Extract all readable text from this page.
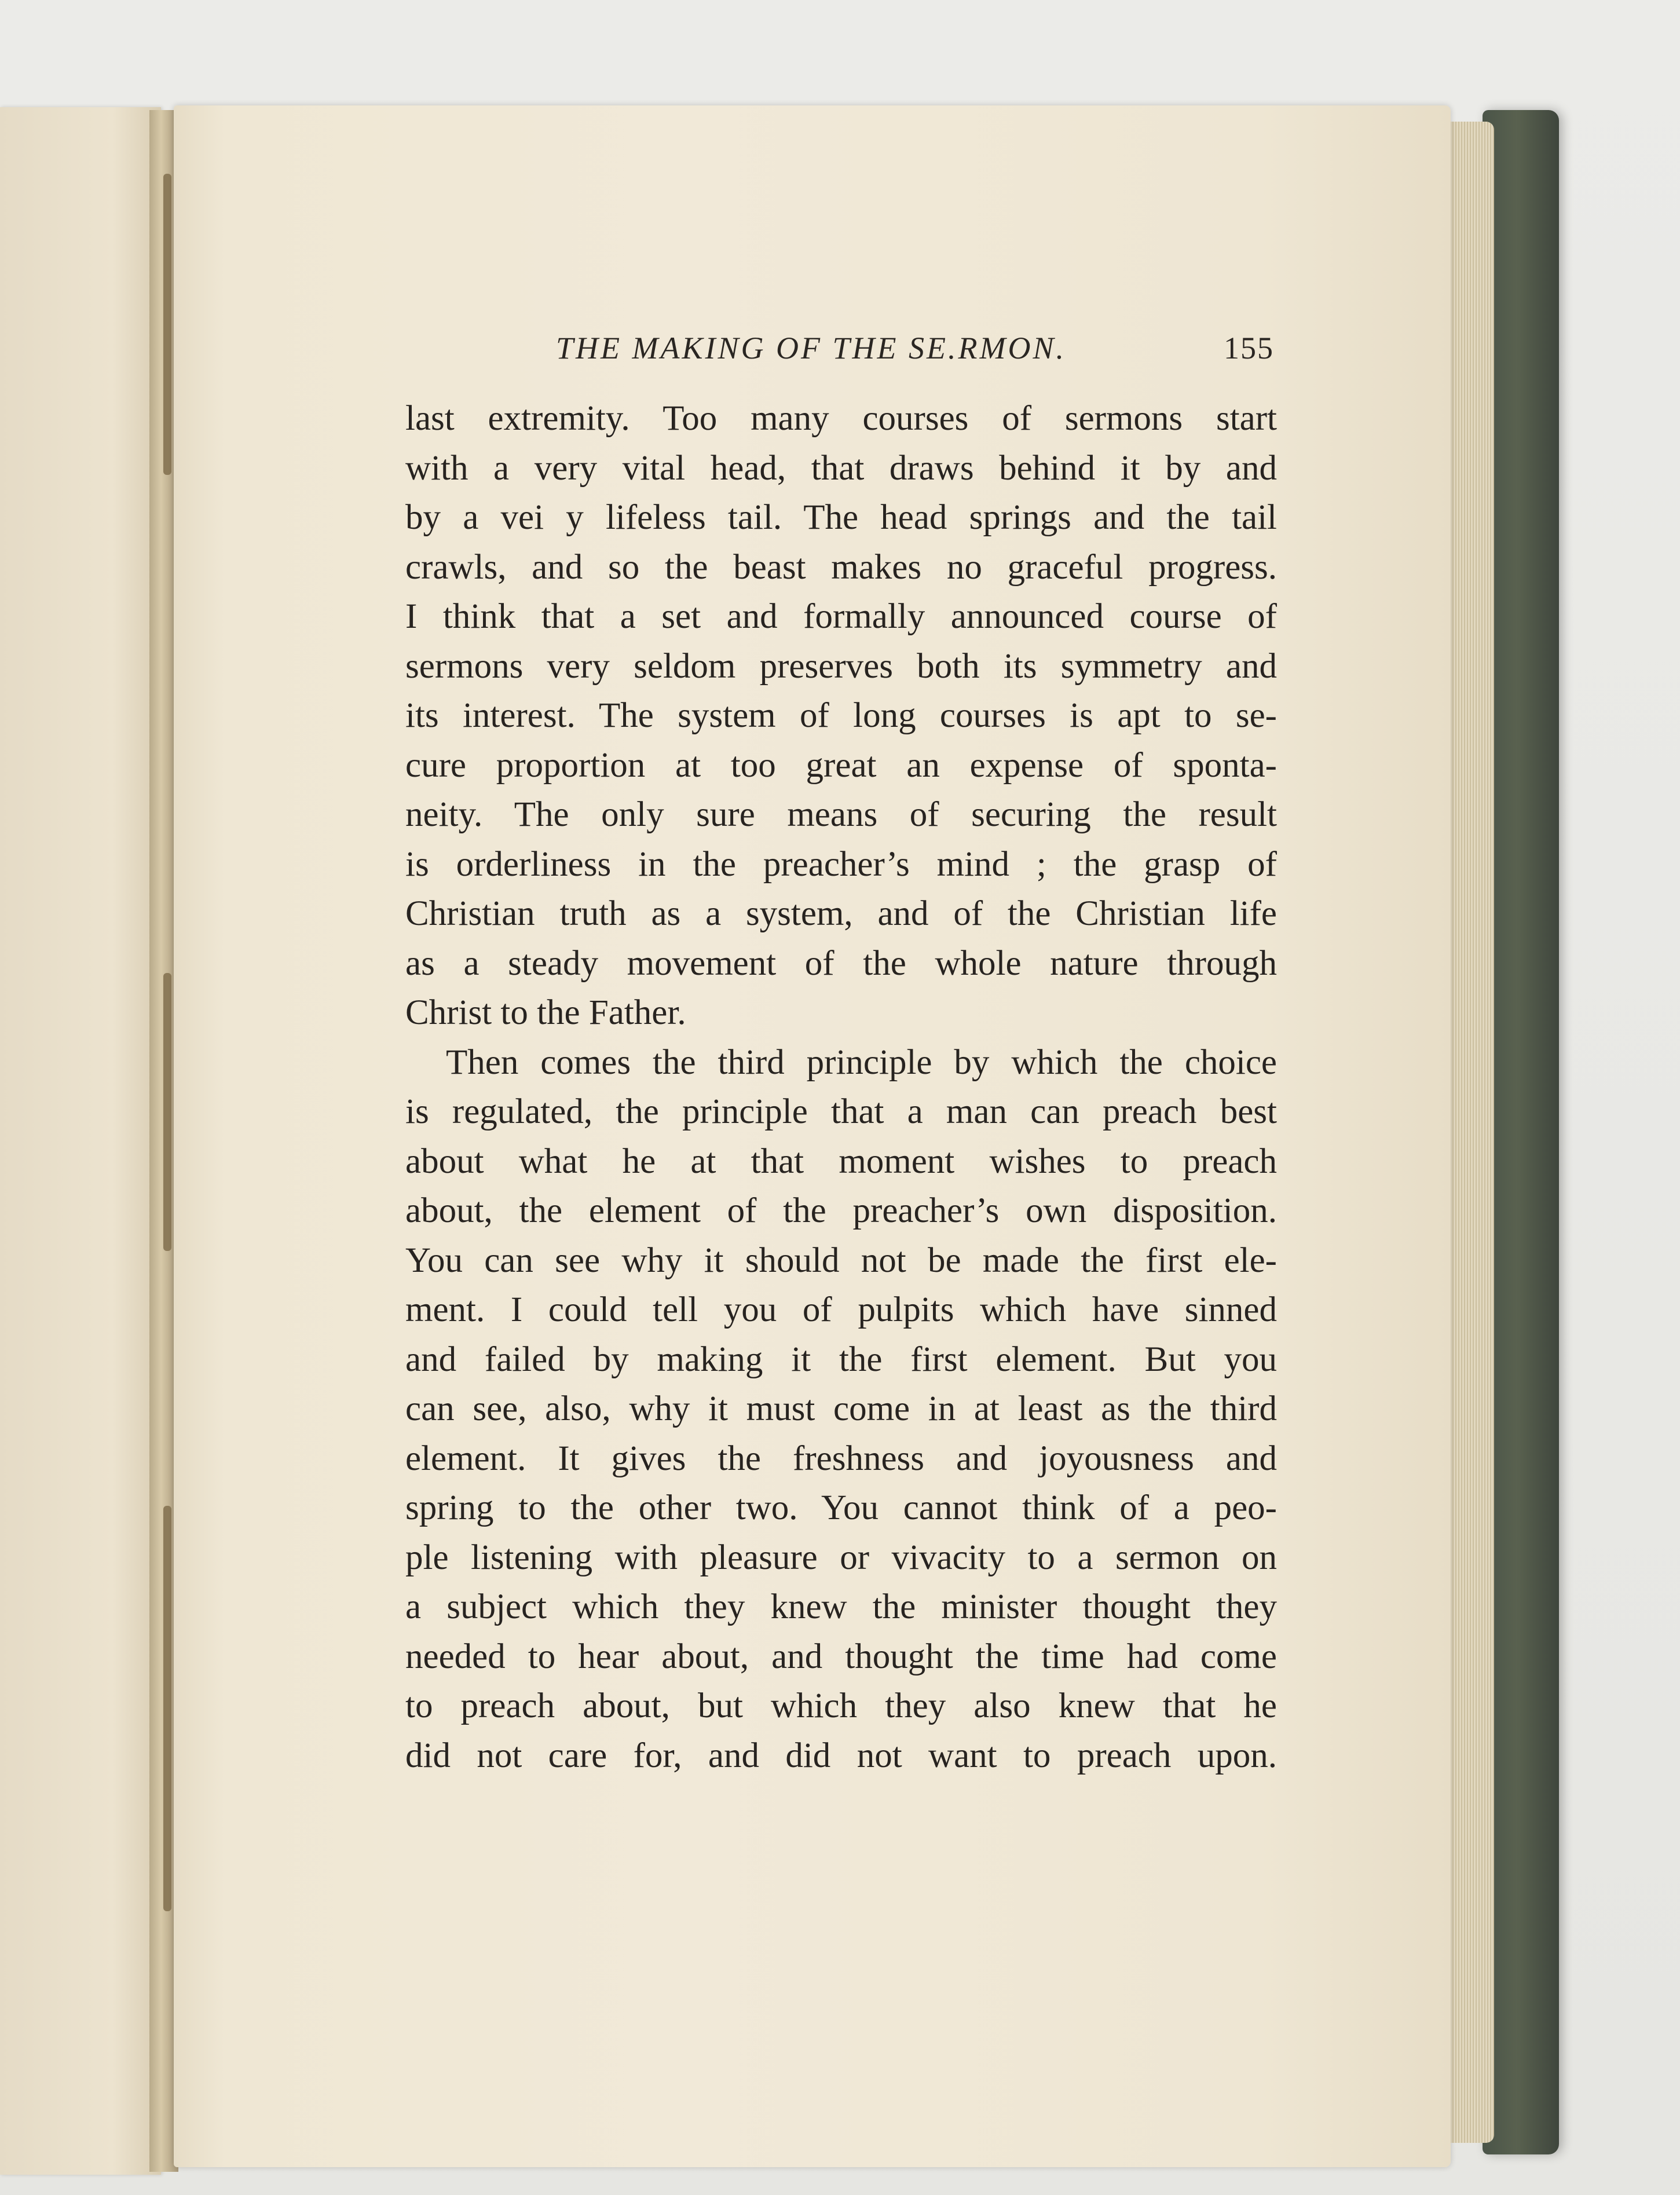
THE MAKING OF THE SE.RMON.	155
last extremity. Too many courses of sermons start
with a very vital head, that draws behind it by and
by a vei y lifeless tail. The head springs and the tail
crawls, and so the beast makes no graceful progress.
I think that a set and formally announced course of
sermons very seldom preserves both its symmetry and
its interest. The system of long courses is apt to se-
cure proportion at too great an expense of sponta-
neity. The only sure means of securing the result
is orderliness in the preacher’s mind ; the grasp of
Christian truth as a system, and of the Christian life
as a steady movement of the whole nature through
Christ to the Father.
Then comes the third principle by which the choice
is regulated, the principle that a man can preach best
about what he at that moment wishes to preach
about, the element of the preacher’s own disposition.
You can see why it should not be made the first ele-
ment. I could tell you of pulpits which have sinned
and failed by making it the first element. But you
can see, also, why it must come in at least as the third
element. It gives the freshness and joyousness and
spring to the other two. You cannot think of a peo-
ple listening with pleasure or vivacity to a sermon on
a subject which they knew the minister thought they
needed to hear about, and thought the time had come
to preach about, but which they also knew that he
did not care for, and did not want to preach upon.
